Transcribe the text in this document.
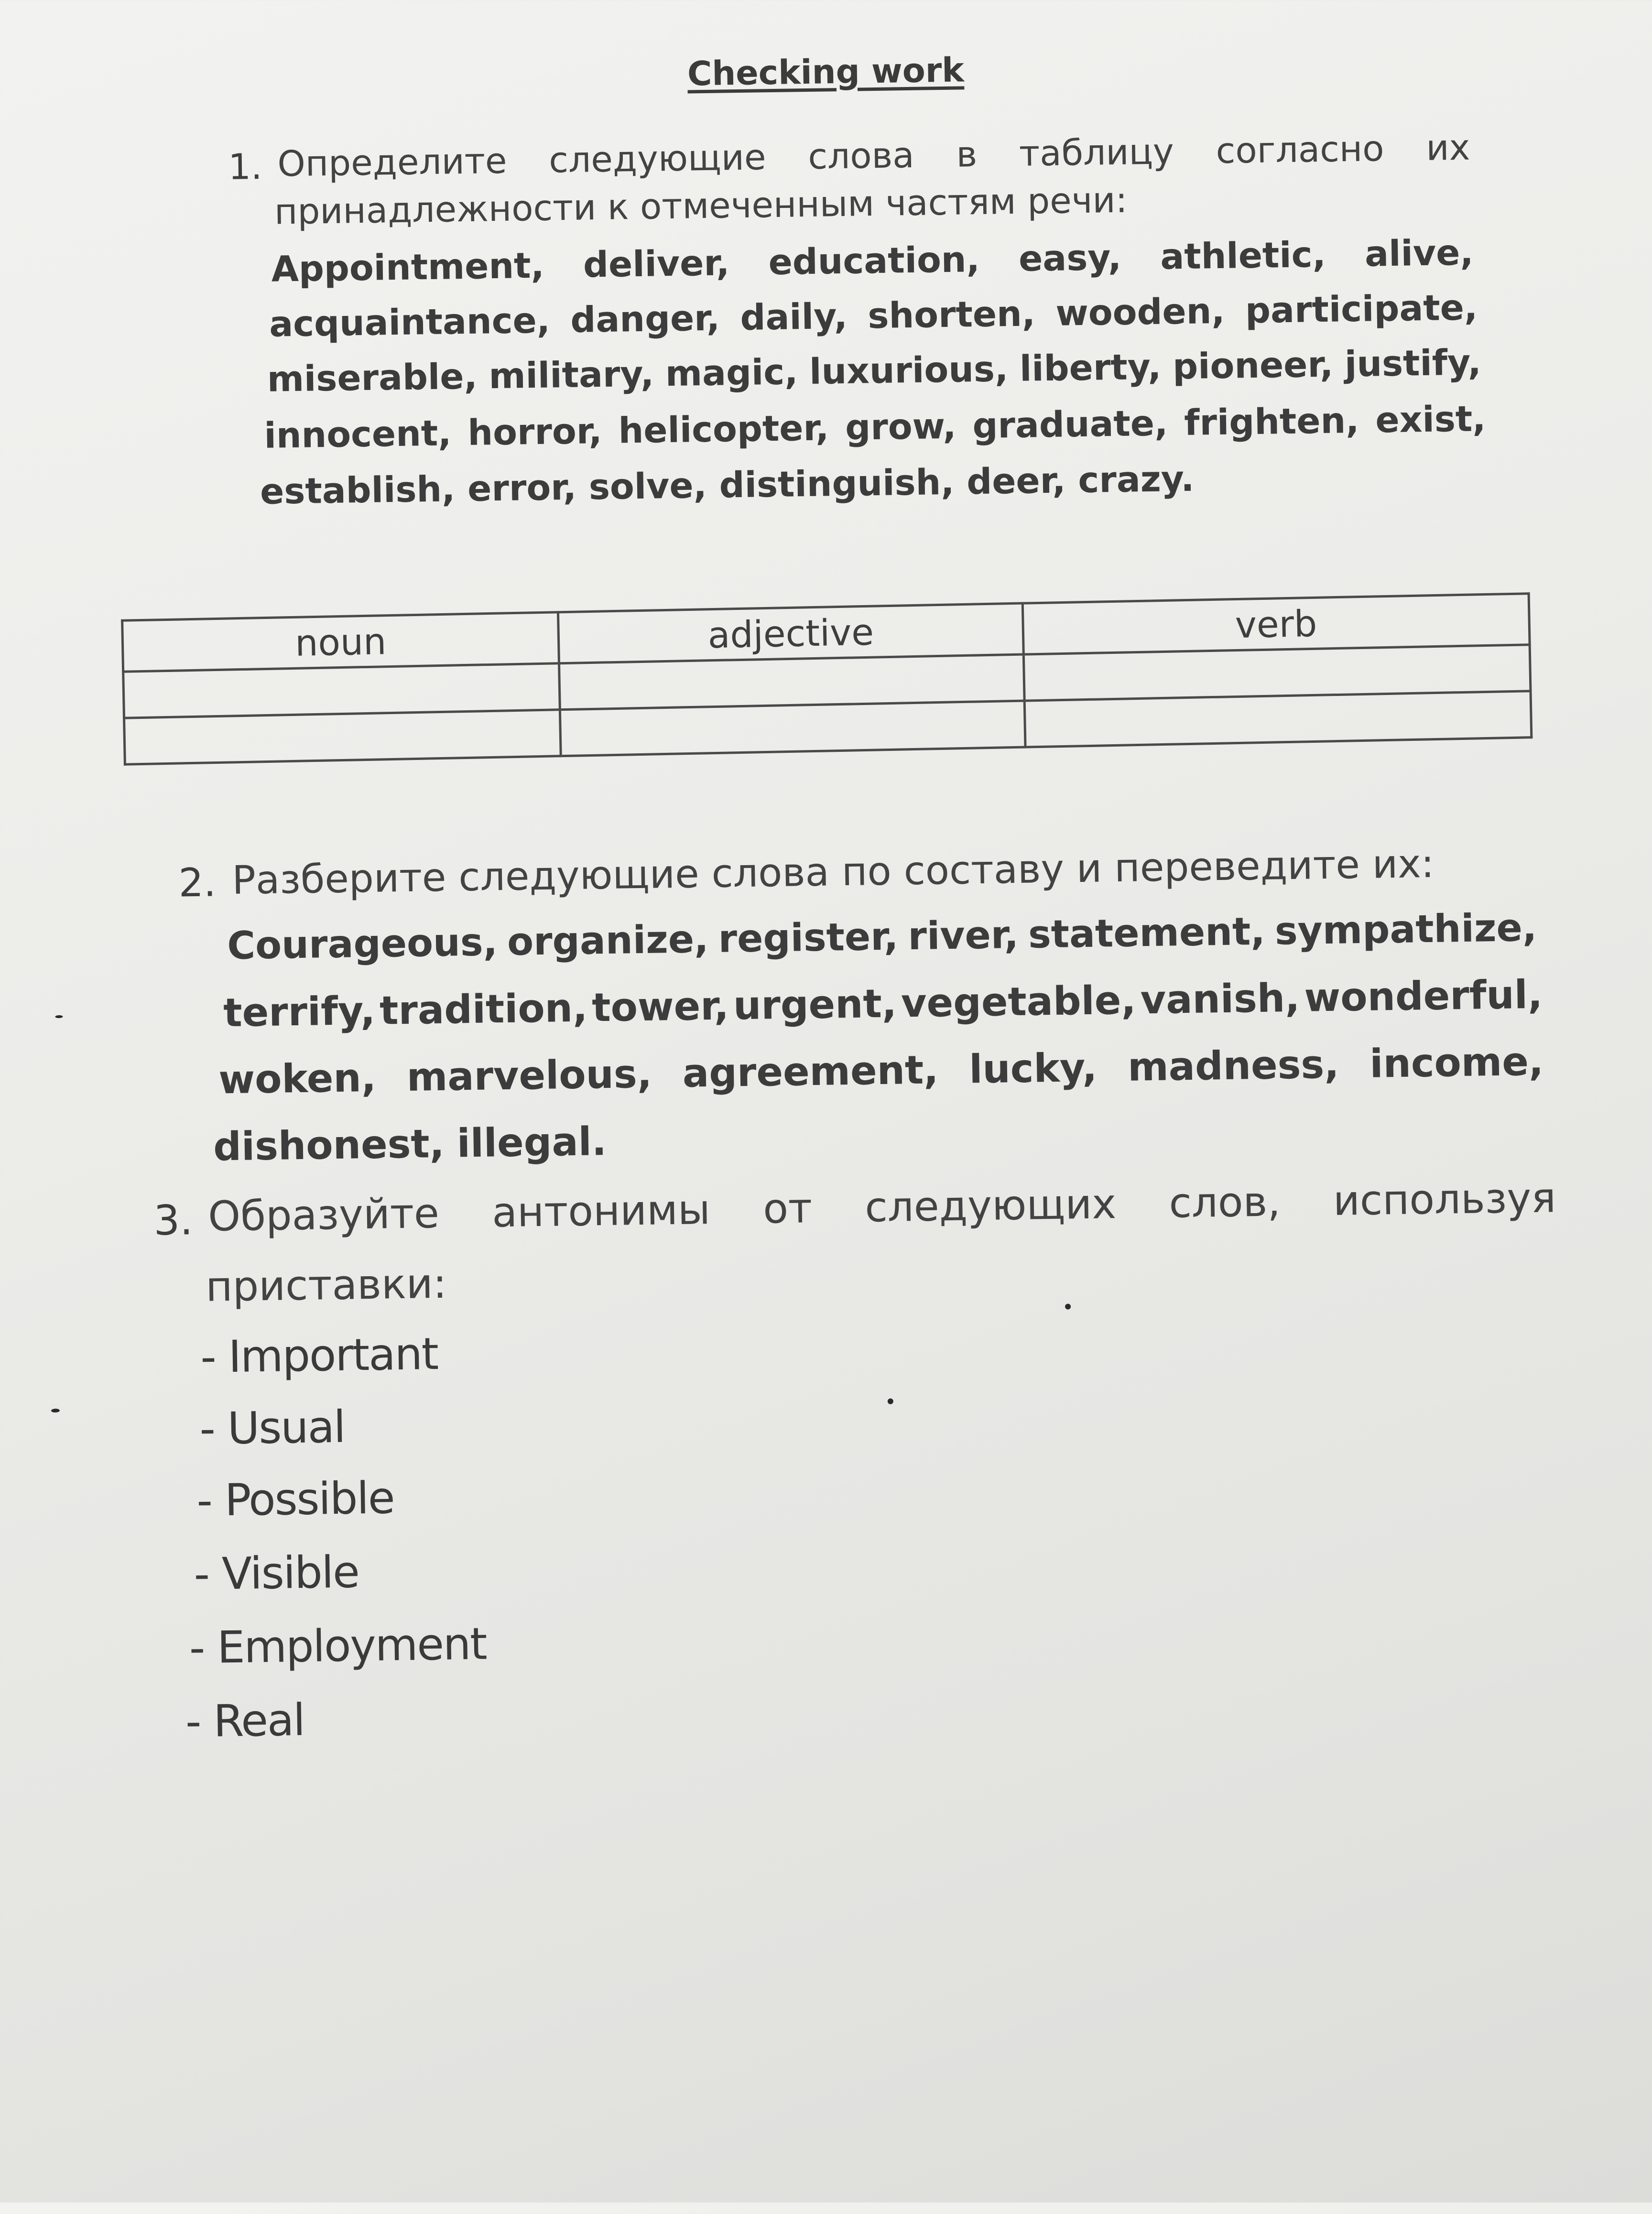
Checking work
1. Определите следующие слова в таблицу согласно их
принадлежности к отмеченным частям речи:
Appointment, deliver, education, easy, athletic, alive,
acquaintance, danger, daily, shorten, wooden, participate,
miserable, military, magic, luxurious, liberty, pioneer, justify,
innocent, horror, helicopter, grow, graduate, frighten, exist,
establish, error, solve, distinguish, deer, crazy.
noun	adjective	verb

2. Разберите следующие слова по составу и переведите их:
Courageous, organize, register, river, statement, sympathize,
terrify, tradition, tower, urgent, vegetable, vanish, wonderful,
woken, marvelous, agreement, lucky, madness, income,
dishonest, illegal.
3. Образуйте антонимы от следующих слов, используя
приставки:
- Important
- Usual
- Possible
- Visible
- Employment
- Real
